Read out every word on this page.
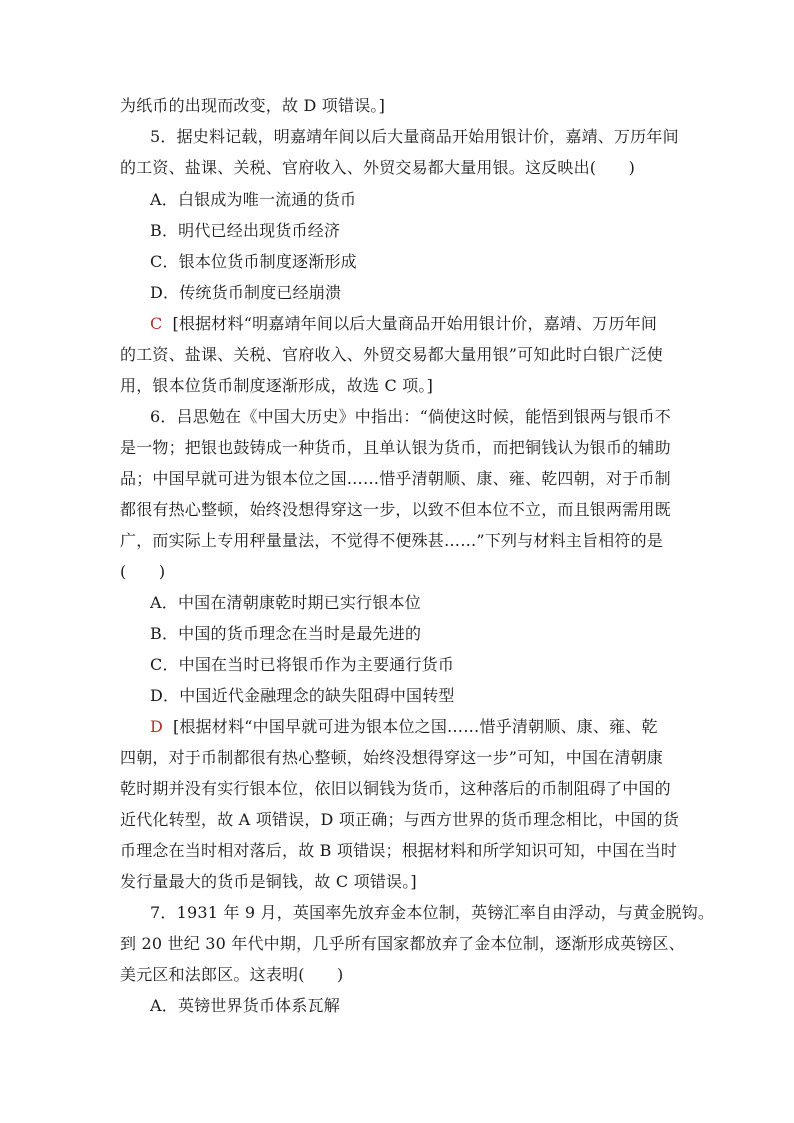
为纸币的出现而改变，故 D 项错误。]
5．据史料记载，明嘉靖年间以后大量商品开始用银计价，嘉靖、万历年间
的工资、盐课、关税、官府收入、外贸交易都大量用银。这反映出(　　)
A．白银成为唯一流通的货币
B．明代已经出现货币经济
C．银本位货币制度逐渐形成
D．传统货币制度已经崩溃
C [根据材料“明嘉靖年间以后大量商品开始用银计价，嘉靖、万历年间
的工资、盐课、关税、官府收入、外贸交易都大量用银”可知此时白银广泛使
用，银本位货币制度逐渐形成，故选 C 项。]
6．吕思勉在《中国大历史》中指出：“倘使这时候，能悟到银两与银币不
是一物；把银也鼓铸成一种货币，且单认银为货币，而把铜钱认为银币的辅助
品；中国早就可进为银本位之国……惜乎清朝顺、康、雍、乾四朝，对于币制
都很有热心整顿，始终没想得穿这一步，以致不但本位不立，而且银两需用既
广，而实际上专用秤量量法，不觉得不便殊甚……”下列与材料主旨相符的是
(　　)
A．中国在清朝康乾时期已实行银本位
B．中国的货币理念在当时是最先进的
C．中国在当时已将银币作为主要通行货币
D．中国近代金融理念的缺失阻碍中国转型
D [根据材料“中国早就可进为银本位之国……惜乎清朝顺、康、雍、乾
四朝，对于币制都很有热心整顿，始终没想得穿这一步”可知，中国在清朝康
乾时期并没有实行银本位，依旧以铜钱为货币，这种落后的币制阻碍了中国的
近代化转型，故 A 项错误，D 项正确；与西方世界的货币理念相比，中国的货
币理念在当时相对落后，故 B 项错误；根据材料和所学知识可知，中国在当时
发行量最大的货币是铜钱，故 C 项错误。]
7．1931 年 9 月，英国率先放弃金本位制，英镑汇率自由浮动，与黄金脱钩。
到 20 世纪 30 年代中期，几乎所有国家都放弃了金本位制，逐渐形成英镑区、
美元区和法郎区。这表明(　　)
A．英镑世界货币体系瓦解
